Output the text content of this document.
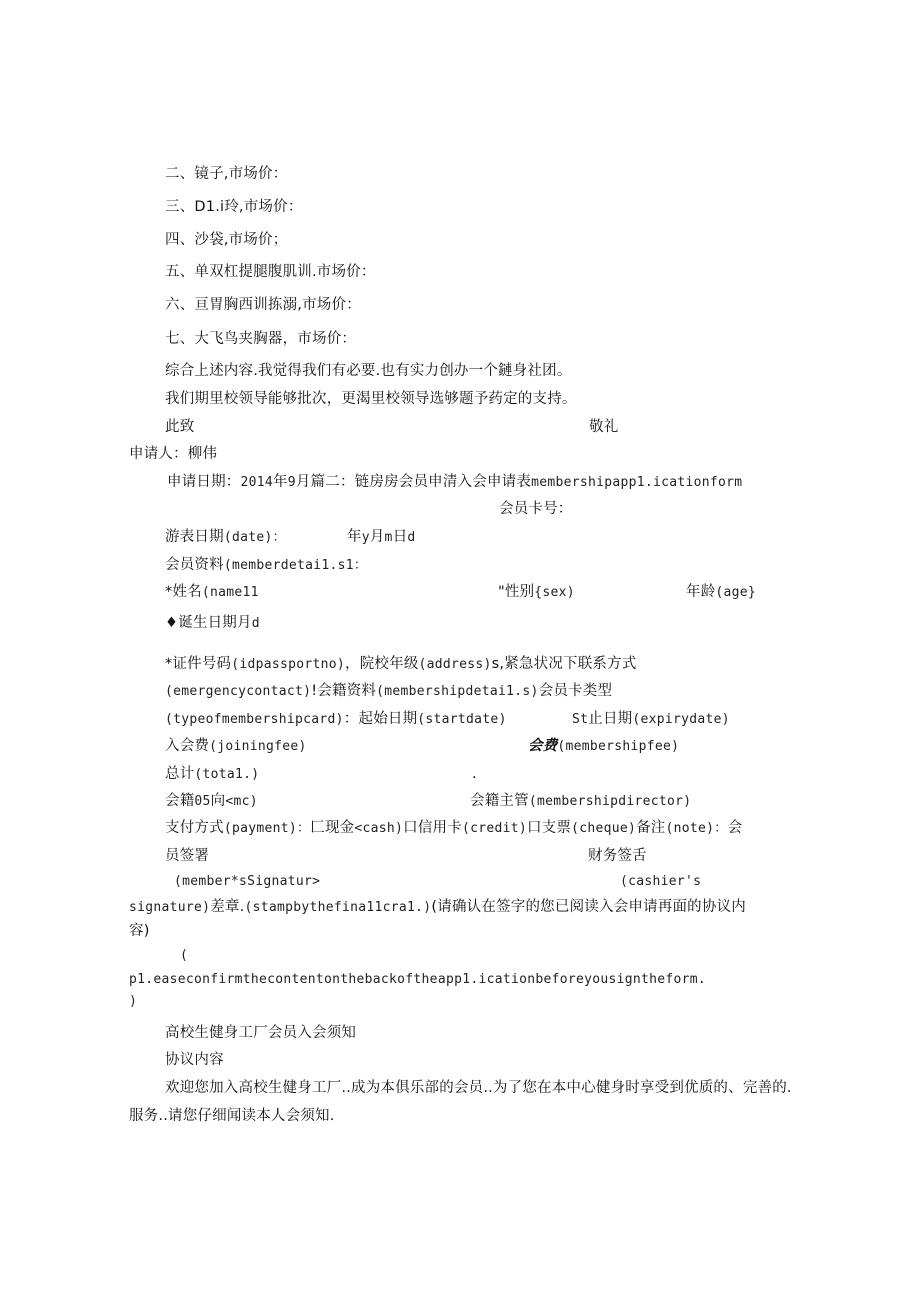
二、镜子,市场价：
三、D1.i玲,市场价：
四、沙袋,市场价；
五、单双杠提腿腹肌训.市场价：
六、亘胃胸西训拣溺,市场价：
七、大飞鸟夹胸器，市场价：
综合上述内容.我觉得我们有必要.也有实力创办一个鏈身社团。
我们期里校领导能够批次，更渴里校领导选够题予药定的支持。
此致	敬礼
申请人：柳伟
申请日期：2014年9月篇二：链房房会员申清入会申请表membershipapp1.icationform
会员卡号：
游表日期(date)：	年y月m日d
会员资料(memberdetai1.s1：
*姓名(name11	"性别{sex)	年龄(age}
♦诞生日期月d
*证件号码(idpassportno)，院校年级(address)s,紧急状况下联系方式
(emergencycontact)!会籍资料(membershipdetai1.s)会员卡类型
(typeofmembershipcard)：起始日期(startdate)	St止日期(expirydate)
入会费(joiningfee)	会费(membershipfee)
总计(tota1.)	.
会籍05向<mc)	会籍主管(membershipdirector)
支付方式(payment)：匚现金<cash)口信用卡(credit)口支票(cheque)备注(note)：会
员签署	财务签舌
(member*sSignatur>	(cashier's
signature)差章.(stampbythefina11cra1.)(请确认在签字的您已阅读入会申请再面的协议内
容)
(
p1.easeconfirmthecontentonthebackoftheapp1.icationbeforeyousigntheform.
)
高校生健身工厂会员入会须知
协议内容
欢迎您加入高校生健身工厂..成为本俱乐部的会员..为了您在本中心健身时享受到优质的、完善的.
服务..请您仔细闻读本人会须知.
